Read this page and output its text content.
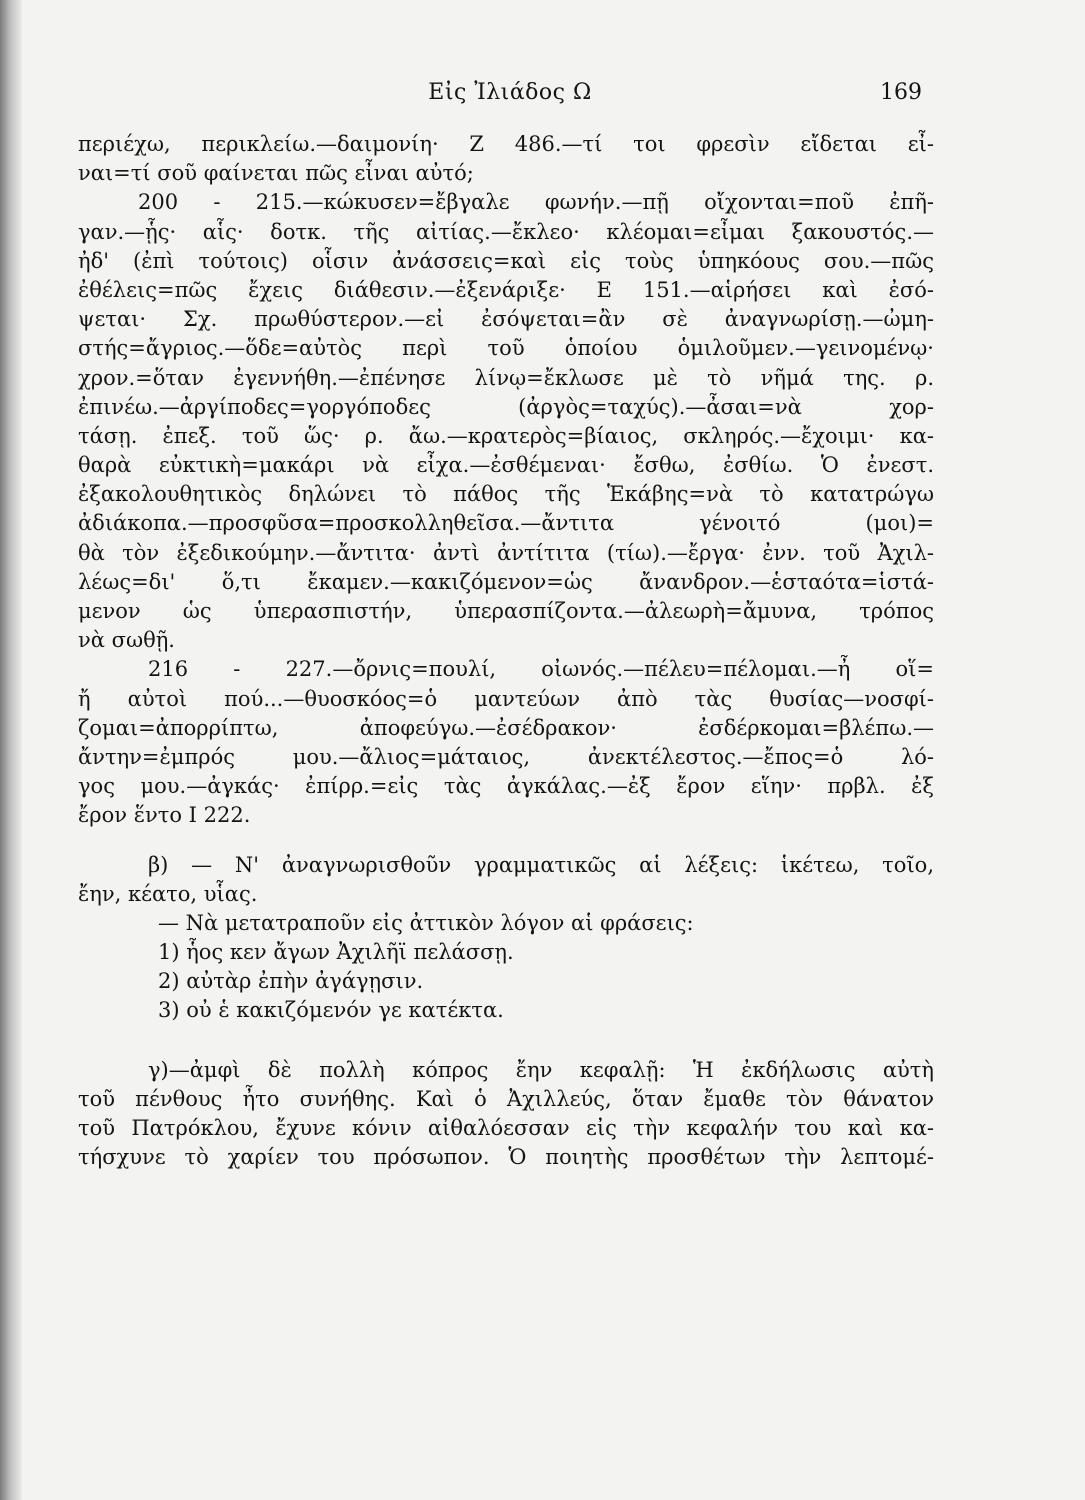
Εἰς Ἰλιάδος Ω	169
περιέχω, περικλείω.—δαιμονίη· Ζ 486.—τί τοι φρεσὶν εἴδεται εἶ-
ναι=τί σοῦ φαίνεται πῶς εἶναι αὐτό;
200 - 215.—κώκυσεν=ἔβγαλε φωνήν.—πῇ οἴχονται=ποῦ ἐπῆ-
γαν.—ᾗς· αἷς· δοτκ. τῆς αἰτίας.—ἔκλεο· κλέομαι=εἶμαι ξακουστός.—
ἠδ' (ἐπὶ τούτοις) οἷσιν ἀνάσσεις=καὶ εἰς τοὺς ὑπηκόους σου.—πῶς
ἐθέλεις=πῶς ἔχεις διάθεσιν.—ἐξενάριξε· Ε 151.—αἱρήσει καὶ ἐσό-
ψεται· Σχ. πρωθύστερον.—εἰ ἐσόψεται=ἂν σὲ ἀναγνωρίσῃ.—ὠμη-
στής=ἄγριος.—ὅδε=αὐτὸς περὶ τοῦ ὁποίου ὁμιλοῦμεν.—γεινομένῳ·
χρον.=ὅταν ἐγεννήθη.—ἐπένησε λίνῳ=ἔκλωσε μὲ τὸ νῆμά της. ρ.
ἐπινέω.—ἀργίποδες=γοργόποδες (ἀργὸς=ταχύς).—ἆσαι=νὰ χορ-
τάσῃ. ἐπεξ. τοῦ ὥς· ρ. ἄω.—κρατερὸς=βίαιος, σκληρός.—ἔχοιμι· κα-
θαρὰ εὐκτικὴ=μακάρι νὰ εἶχα.—ἐσθέμεναι· ἔσθω, ἐσθίω. Ὁ ἐνεστ.
ἐξακολουθητικὸς δηλώνει τὸ πάθος τῆς Ἑκάβης=νὰ τὸ κατατρώγω
ἀδιάκοπα.—προσφῦσα=προσκολληθεῖσα.—ἄντιτα γένοιτό (μοι)=
θὰ τὸν ἐξεδικούμην.—ἄντιτα· ἀντὶ ἀντίτιτα (τίω).—ἔργα· ἐνν. τοῦ Ἀχιλ-
λέως=δι' ὅ,τι ἔκαμεν.—κακιζόμενον=ὡς ἄνανδρον.—ἑσταότα=ἱστά-
μενον ὡς ὑπερασπιστήν, ὑπερασπίζοντα.—ἀλεωρὴ=ἄμυνα, τρόπος
νὰ σωθῇ.
216 - 227.—ὄρνις=πουλί, οἰωνός.—πέλευ=πέλομαι.—ἦ οἵ=
ἤ αὐτοὶ πού...—θυοσκόος=ὁ μαντεύων ἀπὸ τὰς θυσίας—νοσφί-
ζομαι=ἀπορρίπτω, ἀποφεύγω.—ἐσέδρακον· ἐσδέρκομαι=βλέπω.—
ἄντην=ἐμπρός μου.—ἄλιος=μάταιος, ἀνεκτέλεστος.—ἔπος=ὁ λό-
γος μου.—ἀγκάς· ἐπίρρ.=εἰς τὰς ἀγκάλας.—ἐξ ἔρον εἵην· πρβλ. ἐξ
ἔρον ἕντο Ι 222.
β) — Ν' ἀναγνωρισθοῦν γραμματικῶς αἱ λέξεις: ἱκέτεω, τοῖο,
ἔην, κέατο, υἷας.
— Νὰ μετατραποῦν εἰς ἀττικὸν λόγον αἱ φράσεις:
1) ἧος κεν ἄγων Ἀχιλῆϊ πελάσσῃ.
2) αὐτὰρ ἐπὴν ἀγάγῃσιν.
3) οὐ ἑ κακιζόμενόν γε κατέκτα.
γ)—ἀμφὶ δὲ πολλὴ κόπρος ἔην κεφαλῇ: Ἡ ἐκδήλωσις αὐτὴ
τοῦ πένθους ἦτο συνήθης. Καὶ ὁ Ἀχιλλεύς, ὅταν ἔμαθε τὸν θάνατον
τοῦ Πατρόκλου, ἔχυνε κόνιν αἰθαλόεσσαν εἰς τὴν κεφαλήν του καὶ κα-
τήσχυνε τὸ χαρίεν του πρόσωπον. Ὁ ποιητὴς προσθέτων τὴν λεπτομέ-
